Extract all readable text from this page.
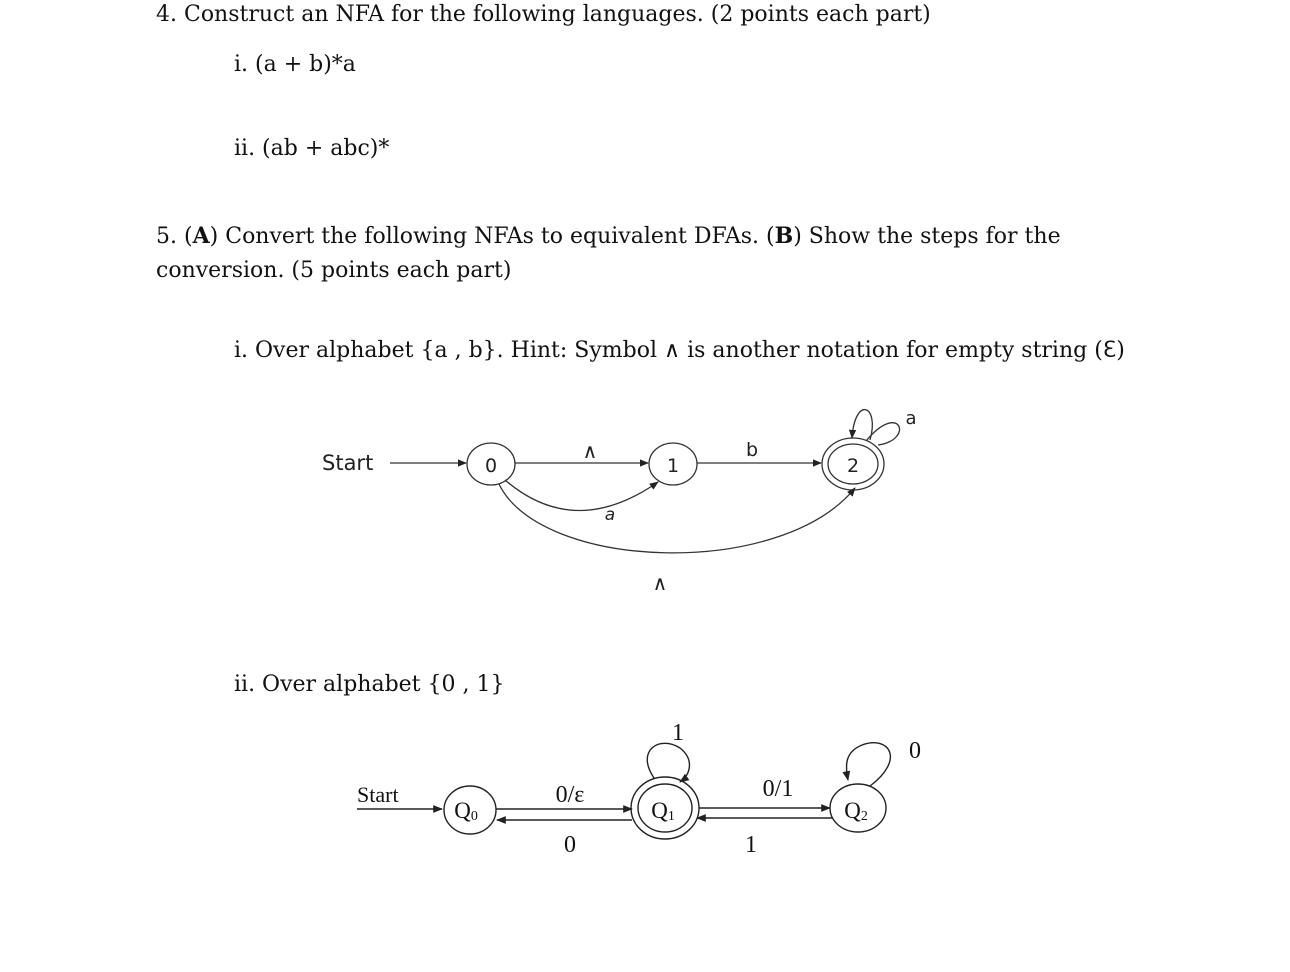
4. Construct an NFA for the following languages. (2 points each part)
i. (a + b)*a
ii. (ab + abc)*
5. (A) Convert the following NFAs to equivalent DFAs. (B) Show the steps for the
conversion. (5 points each part)
i. Over alphabet {a , b}. Hint: Symbol ∧ is another notation for empty string (ℇ)
ii. Over alphabet {0 , 1}
Start	0	1	2
∧
a
b
∧
a
Start
Q0	Q1	Q2
0/ε
0
0/1
1
1
0
